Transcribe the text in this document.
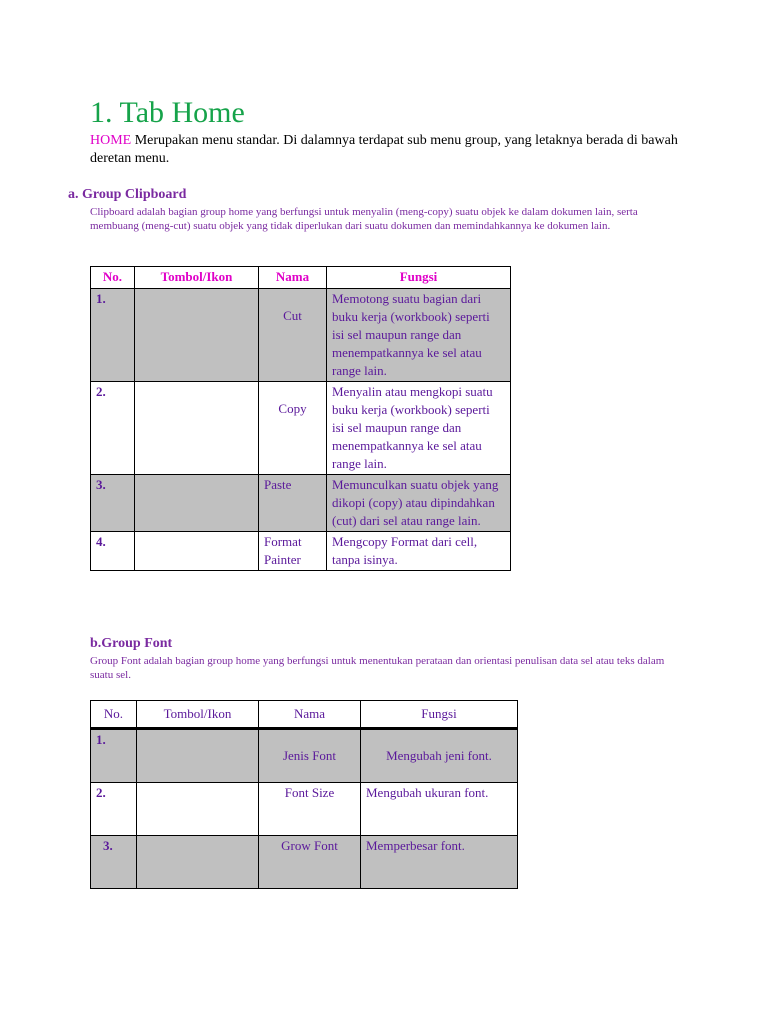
1. Tab Home

HOME Merupakan menu standar. Di dalamnya terdapat sub menu group, yang letaknya berada di bawah deretan menu.

a. Group Clipboard

Clipboard adalah bagian group home yang berfungsi untuk menyalin (meng-copy) suatu objek ke dalam dokumen lain, serta membuang (meng-cut) suatu objek yang tidak diperlukan dari suatu dokumen dan memindahkannya ke dokumen lain.

No.	Tombol/Ikon	Nama	Fungsi
1.		Cut	Memotong suatu bagian dari buku kerja (workbook) seperti isi sel maupun range dan menempatkannya ke sel atau range lain.
2.		Copy	Menyalin atau mengkopi suatu buku kerja (workbook) seperti isi sel maupun range dan menempatkannya ke sel atau range lain.
3.		Paste	Memunculkan suatu objek yang dikopi (copy) atau dipindahkan (cut) dari sel atau range lain.
4.		Format Painter	Mengcopy Format dari cell, tanpa isinya.
b.Group Font

Group Font adalah bagian group home yang berfungsi untuk menentukan perataan dan orientasi penulisan data sel atau teks dalam suatu sel.

No.	Tombol/Ikon	Nama	Fungsi
1.		Jenis Font	Mengubah jeni font.
2.		Font Size	Mengubah ukuran font.
3.		Grow Font	Memperbesar font.
